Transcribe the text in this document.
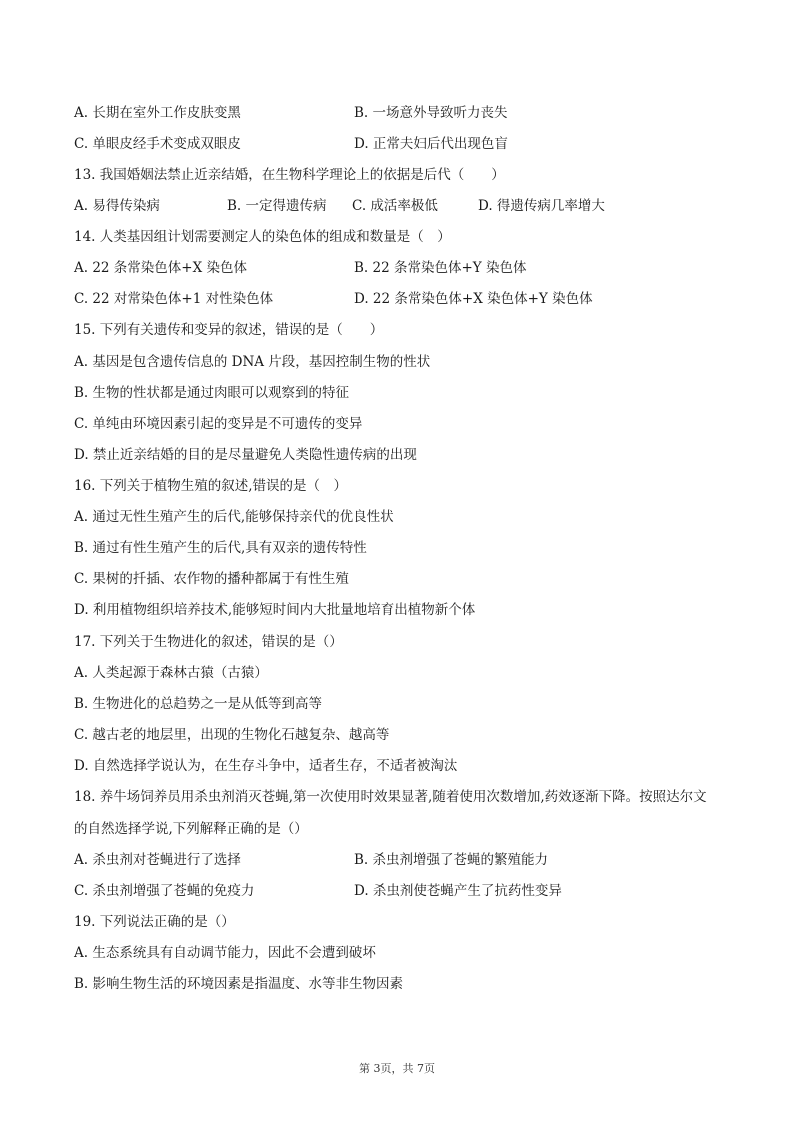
A. 长期在室外工作皮肤变黑	B. 一场意外导致听力丧失
C. 单眼皮经手术变成双眼皮	D. 正常夫妇后代出现色盲
13. 我国婚姻法禁止近亲结婚，在生物科学理论上的依据是后代（　　）
A. 易得传染病	B. 一定得遗传病 C. 成活率极低	D. 得遗传病几率增大
14. 人类基因组计划需要测定人的染色体的组成和数量是（　）
A. 22 条常染色体+X 染色体	B. 22 条常染色体+Y 染色体
C. 22 对常染色体+1 对性染色体	D. 22 条常染色体+X 染色体+Y 染色体
15. 下列有关遗传和变异的叙述，错误的是（　　）
A. 基因是包含遗传信息的 DNA 片段，基因控制生物的性状
B. 生物的性状都是通过肉眼可以观察到的特征
C. 单纯由环境因素引起的变异是不可遗传的变异
D. 禁止近亲结婚的目的是尽量避免人类隐性遗传病的出现
16. 下列关于植物生殖的叙述,错误的是（　）
A. 通过无性生殖产生的后代,能够保持亲代的优良性状
B. 通过有性生殖产生的后代,具有双亲的遗传特性
C. 果树的扦插、农作物的播种都属于有性生殖
D. 利用植物组织培养技术,能够短时间内大批量地培育出植物新个体
17. 下列关于生物进化的叙述，错误的是（）
A. 人类起源于森林古猿（古猿）
B. 生物进化的总趋势之一是从低等到高等
C. 越古老的地层里，出现的生物化石越复杂、越高等
D. 自然选择学说认为，在生存斗争中，适者生存，不适者被淘汰
18. 养牛场饲养员用杀虫剂消灭苍蝇,第一次使用时效果显著,随着使用次数增加,药效逐渐下降。按照达尔文
的自然选择学说,下列解释正确的是（）
A. 杀虫剂对苍蝇进行了选择	B. 杀虫剂增强了苍蝇的繁殖能力
C. 杀虫剂增强了苍蝇的免疫力	D. 杀虫剂使苍蝇产生了抗药性变异
19. 下列说法正确的是（）
A. 生态系统具有自动调节能力，因此不会遭到破坏
B. 影响生物生活的环境因素是指温度、水等非生物因素
第 3页，共 7页
